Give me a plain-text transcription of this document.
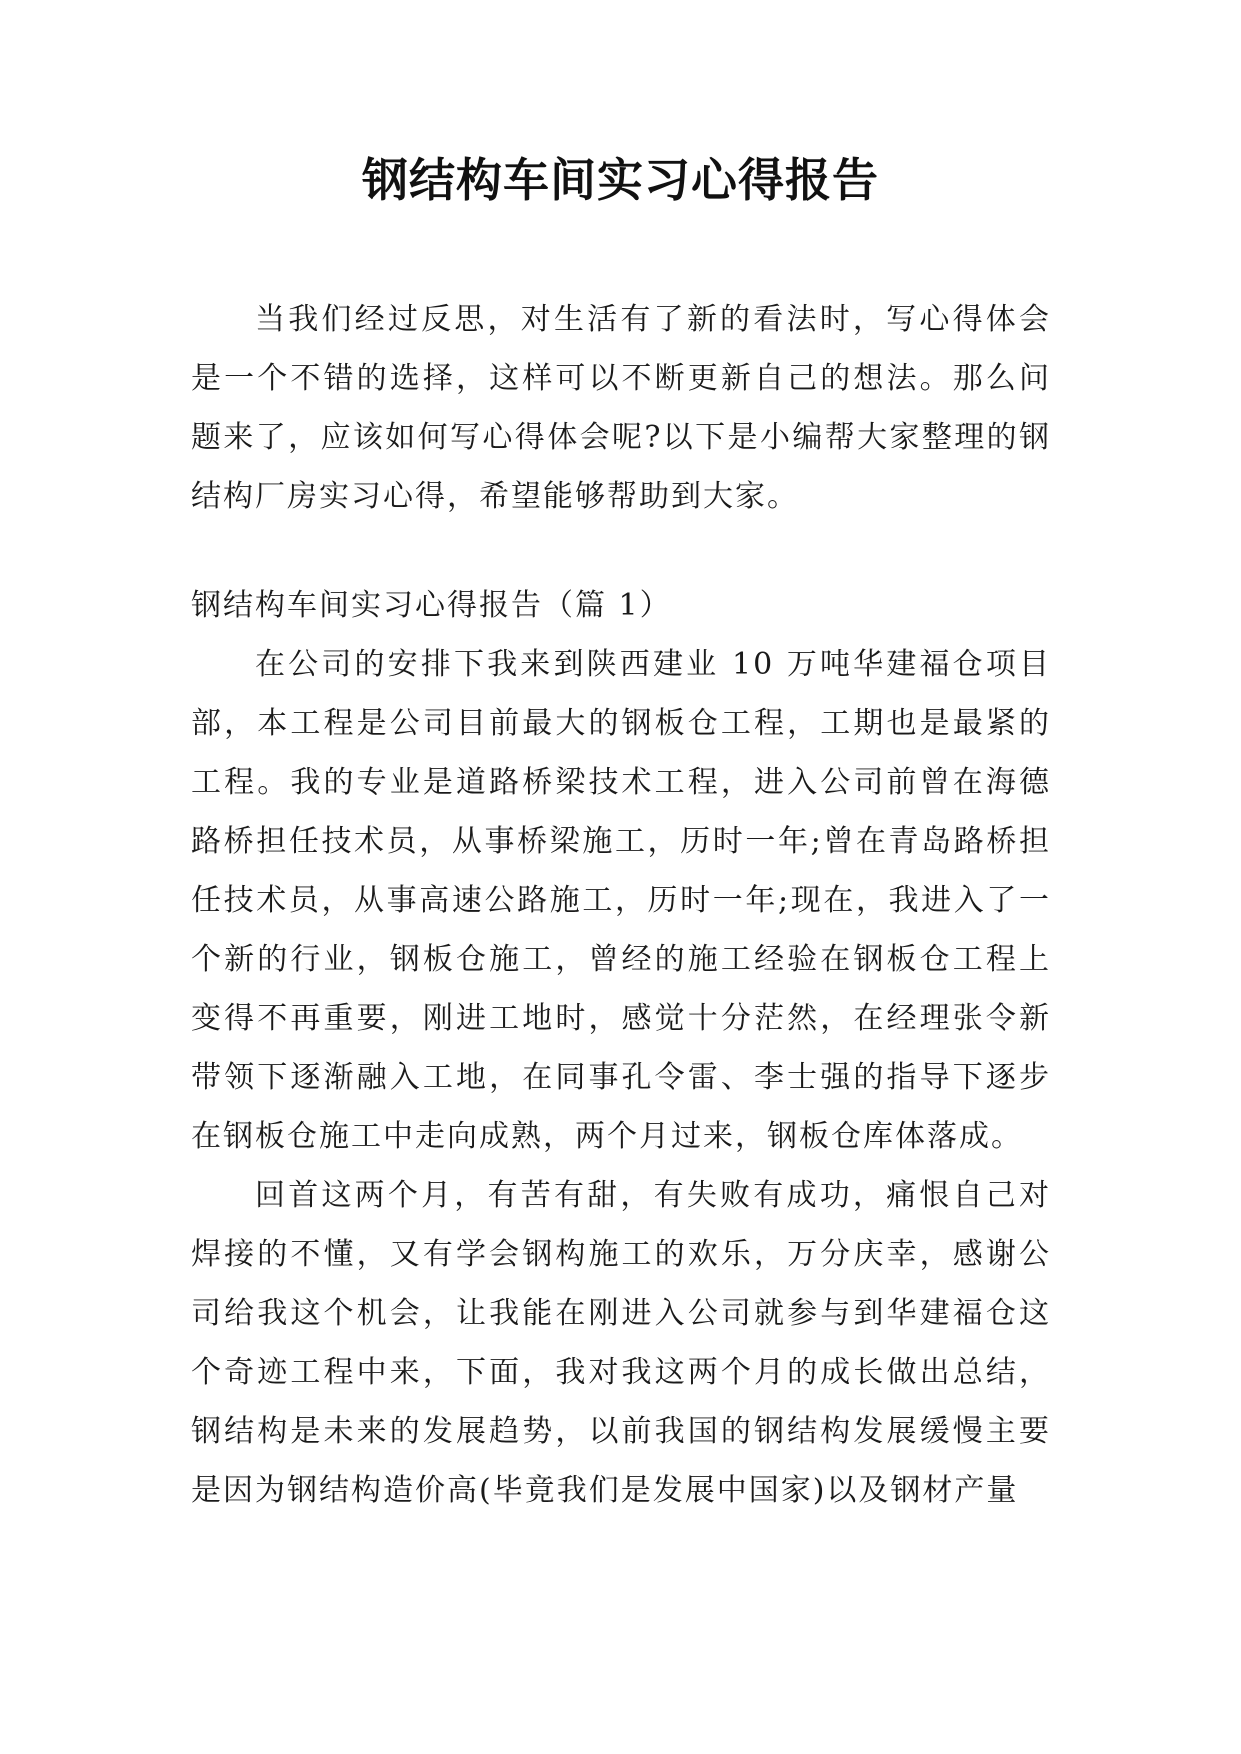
钢结构车间实习心得报告

当我们经过反思，对生活有了新的看法时，写心得体会是一个不错的选择，这样可以不断更新自己的想法。那么问题来了，应该如何写心得体会呢?以下是小编帮大家整理的钢结构厂房实习心得，希望能够帮助到大家。

钢结构车间实习心得报告（篇 1）

在公司的安排下我来到陕西建业 10 万吨华建福仓项目部，本工程是公司目前最大的钢板仓工程，工期也是最紧的工程。我的专业是道路桥梁技术工程，进入公司前曾在海德路桥担任技术员，从事桥梁施工，历时一年;曾在青岛路桥担任技术员，从事高速公路施工，历时一年;现在，我进入了一个新的行业，钢板仓施工，曾经的施工经验在钢板仓工程上变得不再重要，刚进工地时，感觉十分茫然，在经理张令新带领下逐渐融入工地，在同事孔令雷、李士强的指导下逐步在钢板仓施工中走向成熟，两个月过来，钢板仓库体落成。

回首这两个月，有苦有甜，有失败有成功，痛恨自己对焊接的不懂，又有学会钢构施工的欢乐，万分庆幸，感谢公司给我这个机会，让我能在刚进入公司就参与到华建福仓这个奇迹工程中来，下面，我对我这两个月的成长做出总结，钢结构是未来的发展趋势，以前我国的钢结构发展缓慢主要是因为钢结构造价高(毕竟我们是发展中国家)以及钢材产量
